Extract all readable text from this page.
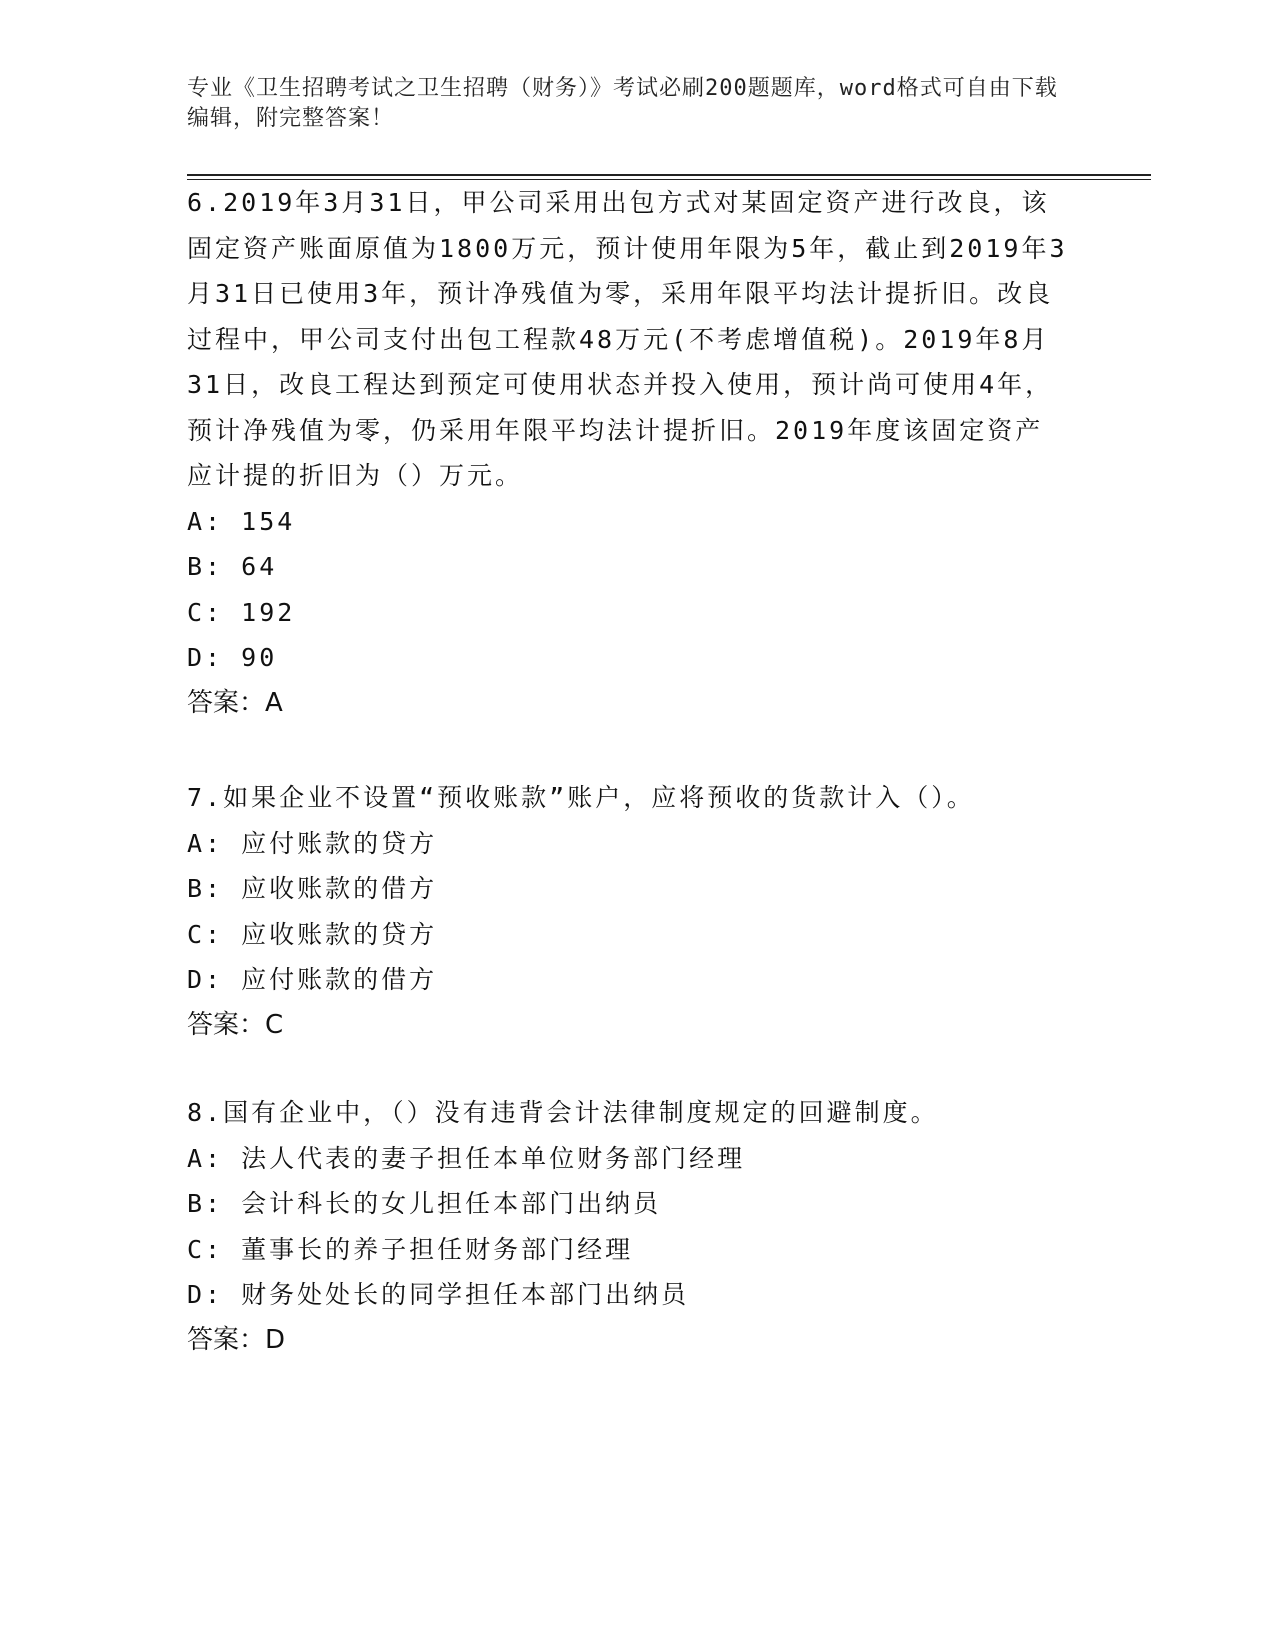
专业《卫生招聘考试之卫生招聘（财务）》考试必刷200题题库，word格式可自由下载编辑，附完整答案！

6.2019年3月31日，甲公司采用出包方式对某固定资产进行改良，该固定资产账面原值为1800万元，预计使用年限为5年，截止到2019年3月31日已使用3年，预计净残值为零，采用年限平均法计提折旧。改良过程中，甲公司支付出包工程款48万元(不考虑增值税)。2019年8月31日，改良工程达到预定可使用状态并投入使用，预计尚可使用4年，预计净残值为零，仍采用年限平均法计提折旧。2019年度该固定资产应计提的折旧为（）万元。

A: 154

B: 64

C: 192

D: 90

答案：A

7.如果企业不设置“预收账款”账户，应将预收的货款计入（）。

A: 应付账款的贷方

B: 应收账款的借方

C: 应收账款的贷方

D: 应付账款的借方

答案：C

8.国有企业中，（）没有违背会计法律制度规定的回避制度。

A: 法人代表的妻子担任本单位财务部门经理

B: 会计科长的女儿担任本部门出纳员

C: 董事长的养子担任财务部门经理

D: 财务处处长的同学担任本部门出纳员

答案：D
